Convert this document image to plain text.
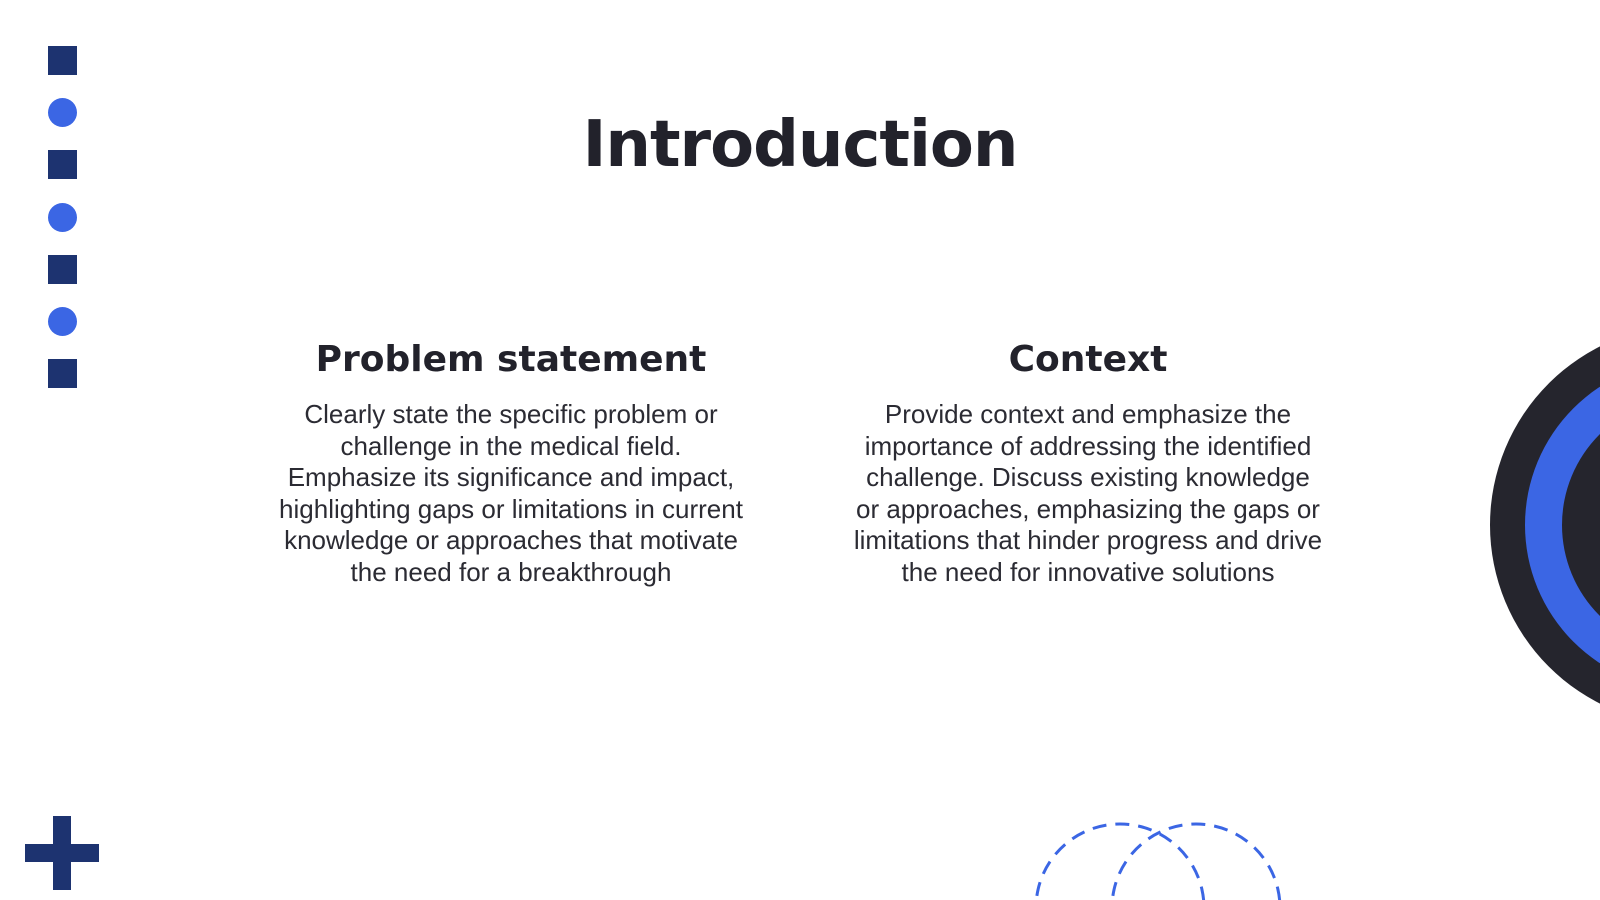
Introduction
Problem statement

Clearly state the specific problem or challenge in the medical field. Emphasize its significance and impact, highlighting gaps or limitations in current knowledge or approaches that motivate the need for a breakthrough

Context

Provide context and emphasize the importance of addressing the identified challenge. Discuss existing knowledge or approaches, emphasizing the gaps or limitations that hinder progress and drive the need for innovative solutions
